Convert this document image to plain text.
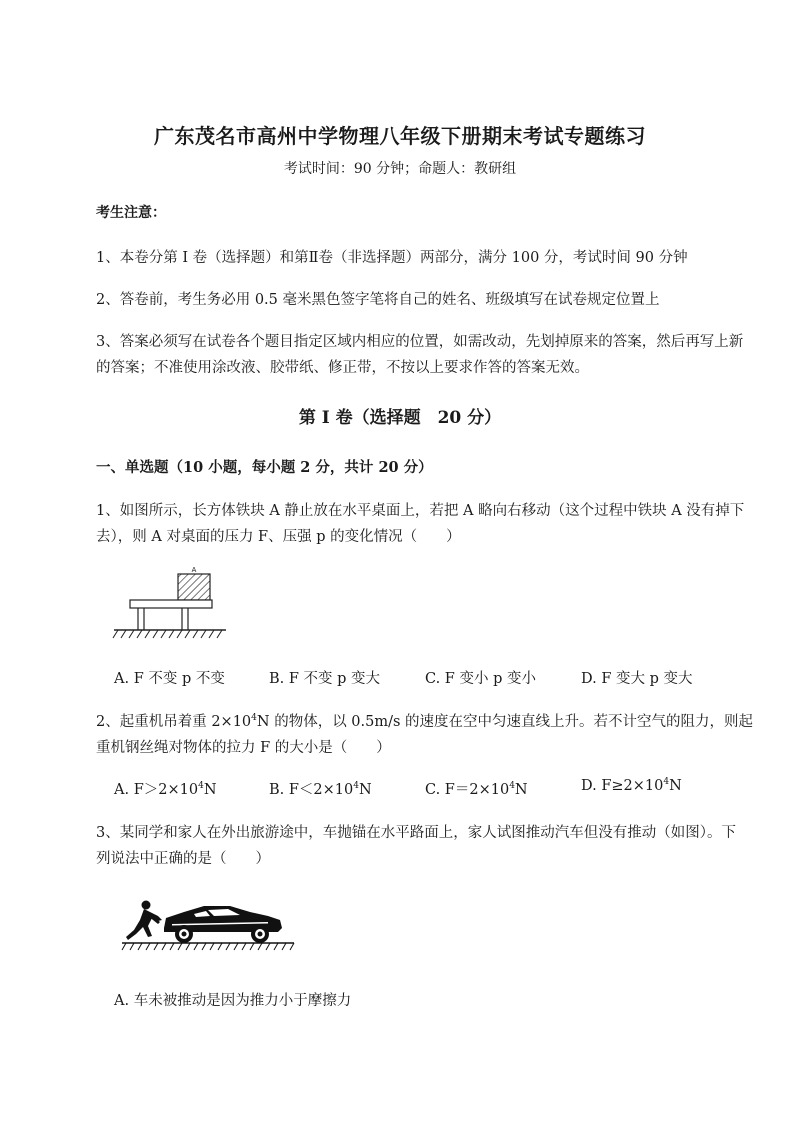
广东茂名市高州中学物理八年级下册期末考试专题练习
考试时间：90 分钟；命题人：教研组
考生注意：
1、本卷分第 I 卷（选择题）和第Ⅱ卷（非选择题）两部分，满分 100 分，考试时间 90 分钟
2、答卷前，考生务必用 0.5 毫米黑色签字笔将自己的姓名、班级填写在试卷规定位置上
3、答案必须写在试卷各个题目指定区域内相应的位置，如需改动，先划掉原来的答案，然后再写上新
的答案；不准使用涂改液、胶带纸、修正带，不按以上要求作答的答案无效。
第 I 卷（选择题　20 分）
一、单选题（10 小题，每小题 2 分，共计 20 分）
1、如图所示，长方体铁块 A 静止放在水平桌面上，若把 A 略向右移动（这个过程中铁块 A 没有掉下
去），则 A 对桌面的压力 F、压强 p 的变化情况（　　）
A
A. F 不变 p 不变	B. F 不变 p 变大	C. F 变小 p 变小	D. F 变大 p 变大
2、起重机吊着重 $2\times 10^4N$ 的物体，以 0.5m/s 的速度在空中匀速直线上升。若不计空气的阻力，则起
重机钢丝绳对物体的拉力 F 的大小是（　　）
A. $F>2\times 10^4N$	B. $F<2\times 10^4N$	C. $F=2\times 10^4N$	D. $F\ge 2\times 10^4N$
3、某同学和家人在外出旅游途中，车抛锚在水平路面上，家人试图推动汽车但没有推动（如图）。下
列说法中正确的是（　　）
A. 车未被推动是因为推力小于摩擦力
